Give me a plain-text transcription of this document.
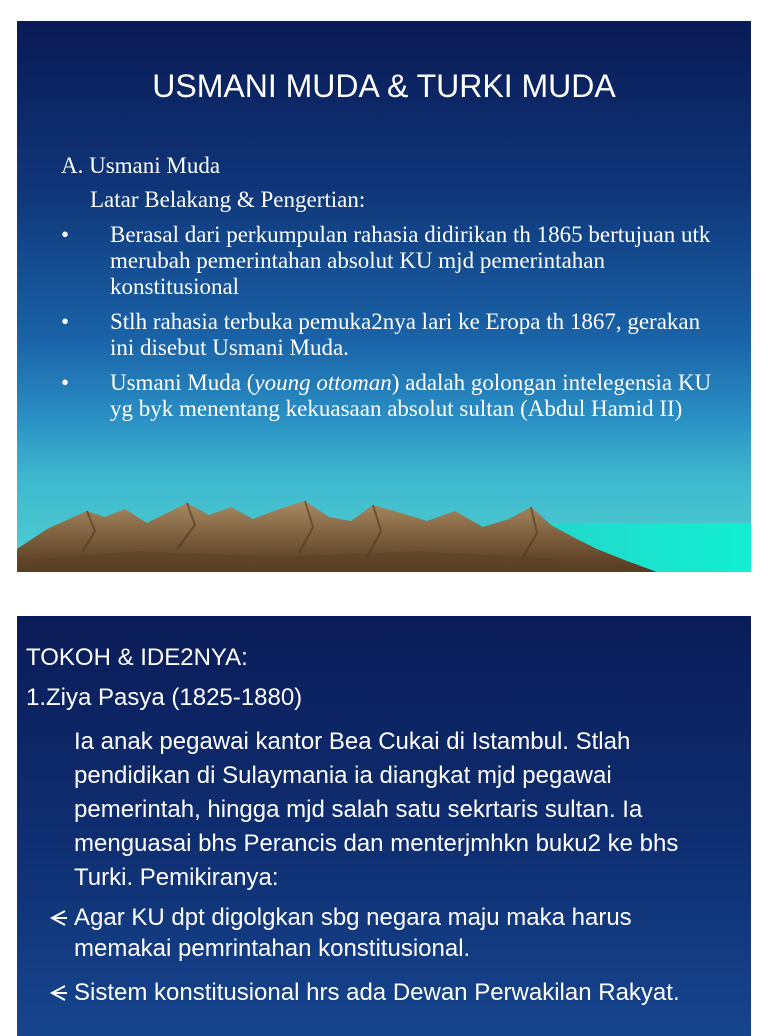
USMANI MUDA & TURKI MUDA
A. Usmani Muda
Latar Belakang & Pengertian:
• Berasal dari perkumpulan rahasia didirikan th 1865 bertujuan utk merubah pemerintahan absolut KU mjd pemerintahan konstitusional
• Stlh rahasia terbuka pemuka2nya lari ke Eropa th 1867, gerakan ini disebut Usmani Muda.
• Usmani Muda (young ottoman) adalah golongan intelegensia KU yg byk menentang kekuasaan absolut sultan (Abdul Hamid II)
TOKOH & IDE2NYA:
1.Ziya Pasya (1825-1880)
Ia anak pegawai kantor Bea Cukai di Istambul. Stlah pendidikan di Sulaymania ia diangkat mjd pegawai pemerintah, hingga mjd salah satu sekrtaris sultan. Ia menguasai bhs Perancis dan menterjmhkn buku2 ke bhs Turki. Pemikiranya:
Agar KU dpt digolgkan sbg negara maju maka harus memakai pemrintahan konstitusional.
Sistem konstitusional hrs ada Dewan Perwakilan Rakyat.
